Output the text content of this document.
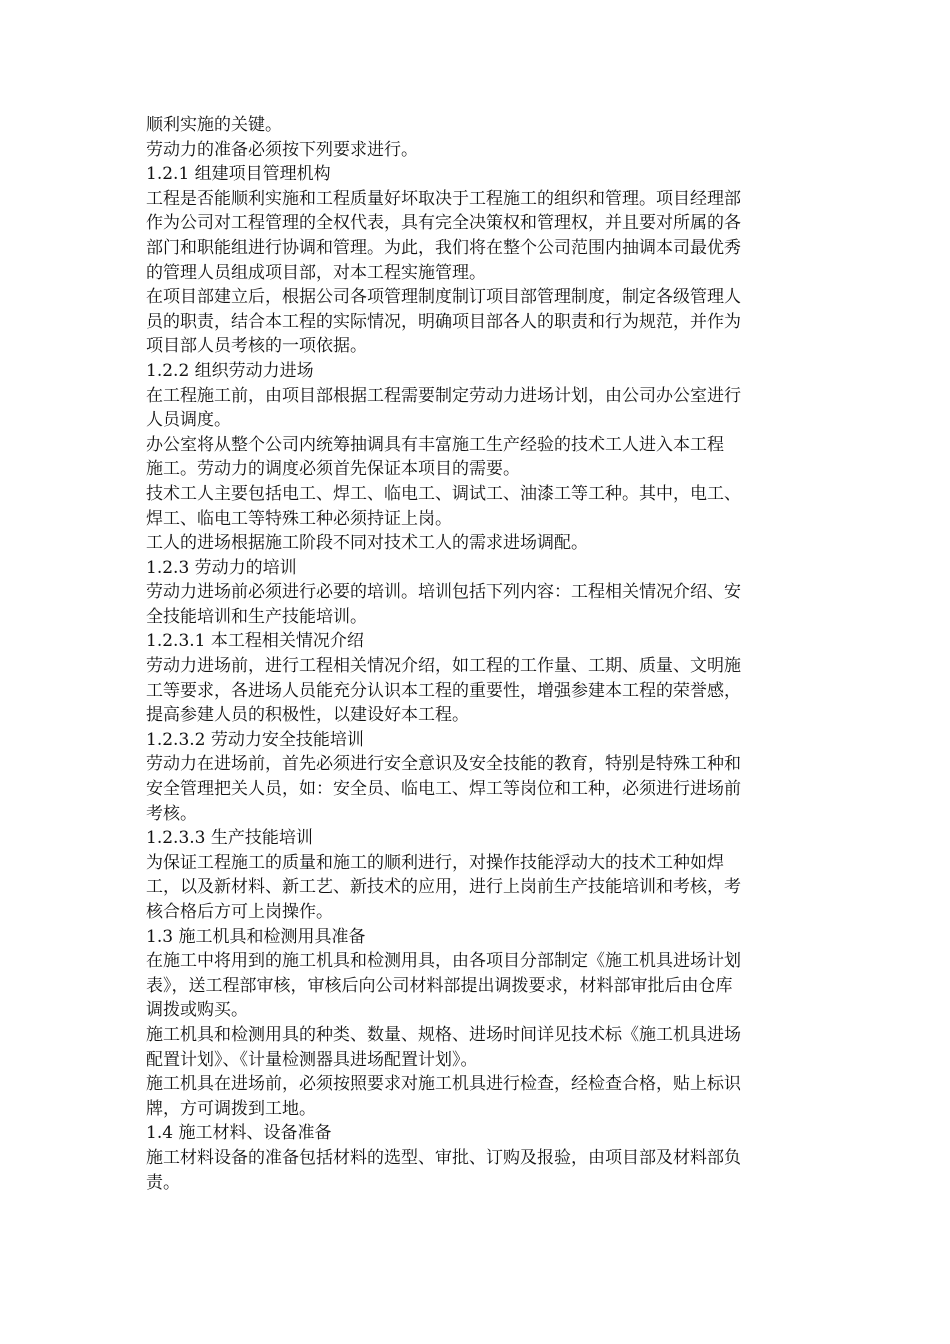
顺利实施的关键。
劳动力的准备必须按下列要求进行。
1.2.1 组建项目管理机构
工程是否能顺利实施和工程质量好坏取决于工程施工的组织和管理。项目经理部
作为公司对工程管理的全权代表，具有完全决策权和管理权，并且要对所属的各
部门和职能组进行协调和管理。为此，我们将在整个公司范围内抽调本司最优秀
的管理人员组成项目部，对本工程实施管理。
在项目部建立后，根据公司各项管理制度制订项目部管理制度，制定各级管理人
员的职责，结合本工程的实际情况，明确项目部各人的职责和行为规范，并作为
项目部人员考核的一项依据。
1.2.2 组织劳动力进场
在工程施工前，由项目部根据工程需要制定劳动力进场计划，由公司办公室进行
人员调度。
办公室将从整个公司内统筹抽调具有丰富施工生产经验的技术工人进入本工程
施工。劳动力的调度必须首先保证本项目的需要。
技术工人主要包括电工、焊工、临电工、调试工、油漆工等工种。其中，电工、
焊工、临电工等特殊工种必须持证上岗。
工人的进场根据施工阶段不同对技术工人的需求进场调配。
1.2.3 劳动力的培训
劳动力进场前必须进行必要的培训。培训包括下列内容：工程相关情况介绍、安
全技能培训和生产技能培训。
1.2.3.1 本工程相关情况介绍
劳动力进场前，进行工程相关情况介绍，如工程的工作量、工期、质量、文明施
工等要求，各进场人员能充分认识本工程的重要性，增强参建本工程的荣誉感，
提高参建人员的积极性，以建设好本工程。
1.2.3.2 劳动力安全技能培训
劳动力在进场前，首先必须进行安全意识及安全技能的教育，特别是特殊工种和
安全管理把关人员，如：安全员、临电工、焊工等岗位和工种，必须进行进场前
考核。
1.2.3.3 生产技能培训
为保证工程施工的质量和施工的顺利进行，对操作技能浮动大的技术工种如焊
工，以及新材料、新工艺、新技术的应用，进行上岗前生产技能培训和考核，考
核合格后方可上岗操作。
1.3 施工机具和检测用具准备
在施工中将用到的施工机具和检测用具，由各项目分部制定《施工机具进场计划
表》，送工程部审核，审核后向公司材料部提出调拨要求，材料部审批后由仓库
调拨或购买。
施工机具和检测用具的种类、数量、规格、进场时间详见技术标《施工机具进场
配置计划》、《计量检测器具进场配置计划》。
施工机具在进场前，必须按照要求对施工机具进行检查，经检查合格，贴上标识
牌，方可调拨到工地。
1.4 施工材料、设备准备
施工材料设备的准备包括材料的选型、审批、订购及报验，由项目部及材料部负
责。
